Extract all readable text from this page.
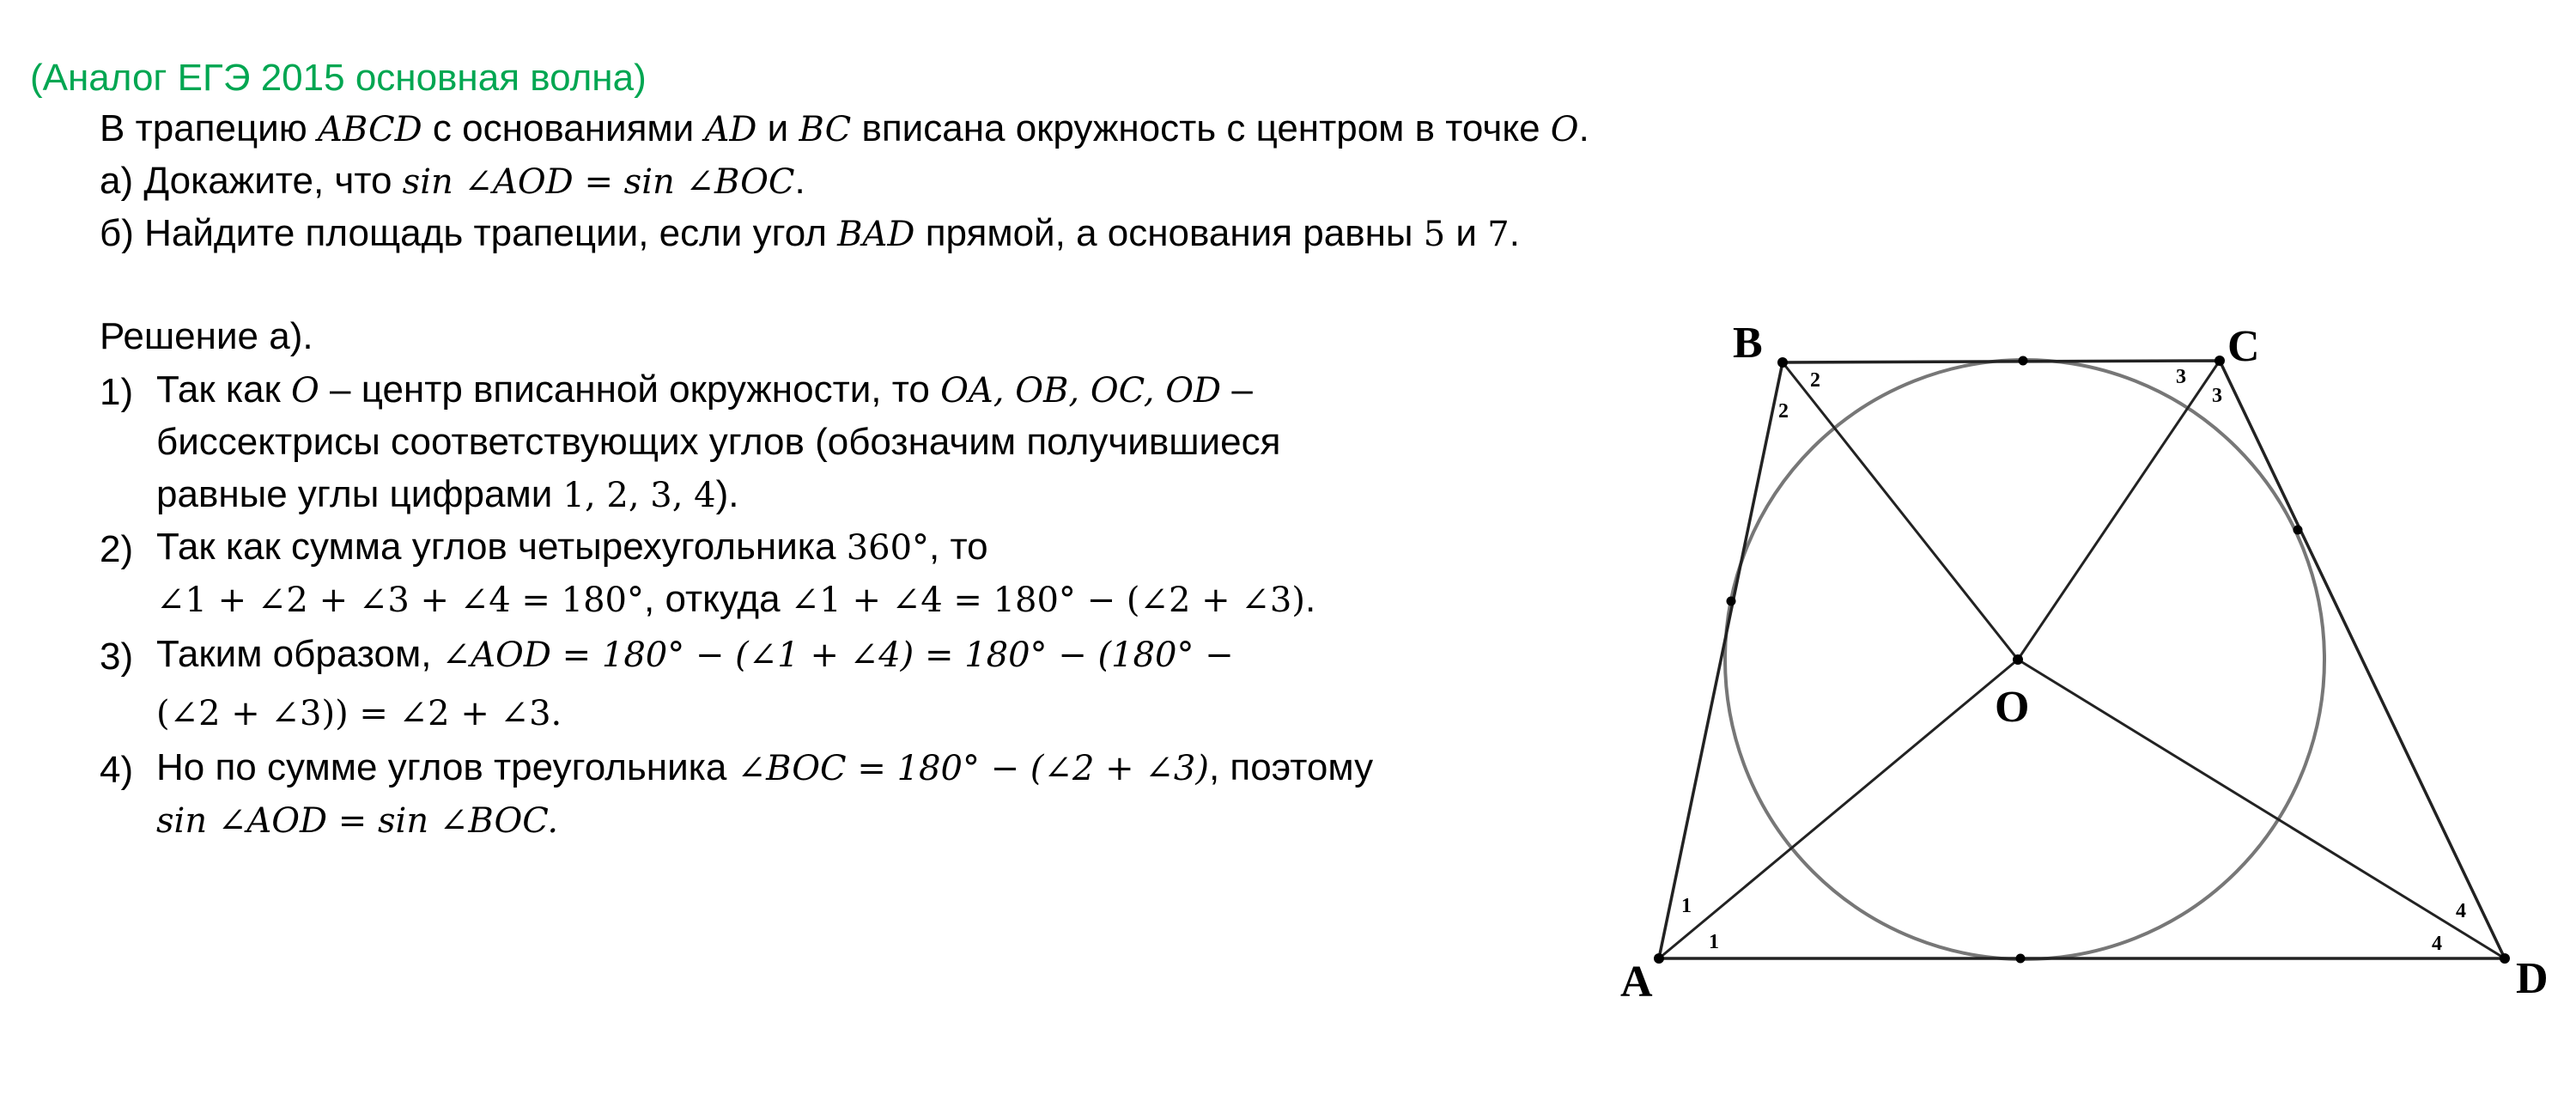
(Аналог ЕГЭ 2015 основная волна)
В трапецию ABCD с основаниями AD и BC вписана окружность с центром в точке O.
а) Докажите, что sin ∠AOD = sin ∠BOC.
б) Найдите площадь трапеции, если угол BAD прямой, а основания равны 5 и 7.
Решение а).
1) Так как O – центр вписанной окружности, то OA, OB, OC, OD –
биссектрисы соответствующих углов (обозначим получившиеся
равные углы цифрами 1, 2, 3, 4).
2) Так как сумма углов четырехугольника 360°, то
∠1 + ∠2 + ∠3 + ∠4 = 180°, откуда ∠1 + ∠4 = 180° − (∠2 + ∠3).
3) Таким образом, ∠AOD = 180° − (∠1 + ∠4) = 180° − (180° −
(∠2 + ∠3)) = ∠2 + ∠3.
4) Но по сумме углов треугольника ∠BOC = 180° − (∠2 + ∠3), поэтому
sin ∠AOD = sin ∠BOC.
A
B	C
D
O
1
1
2
2
3
3
4
4
